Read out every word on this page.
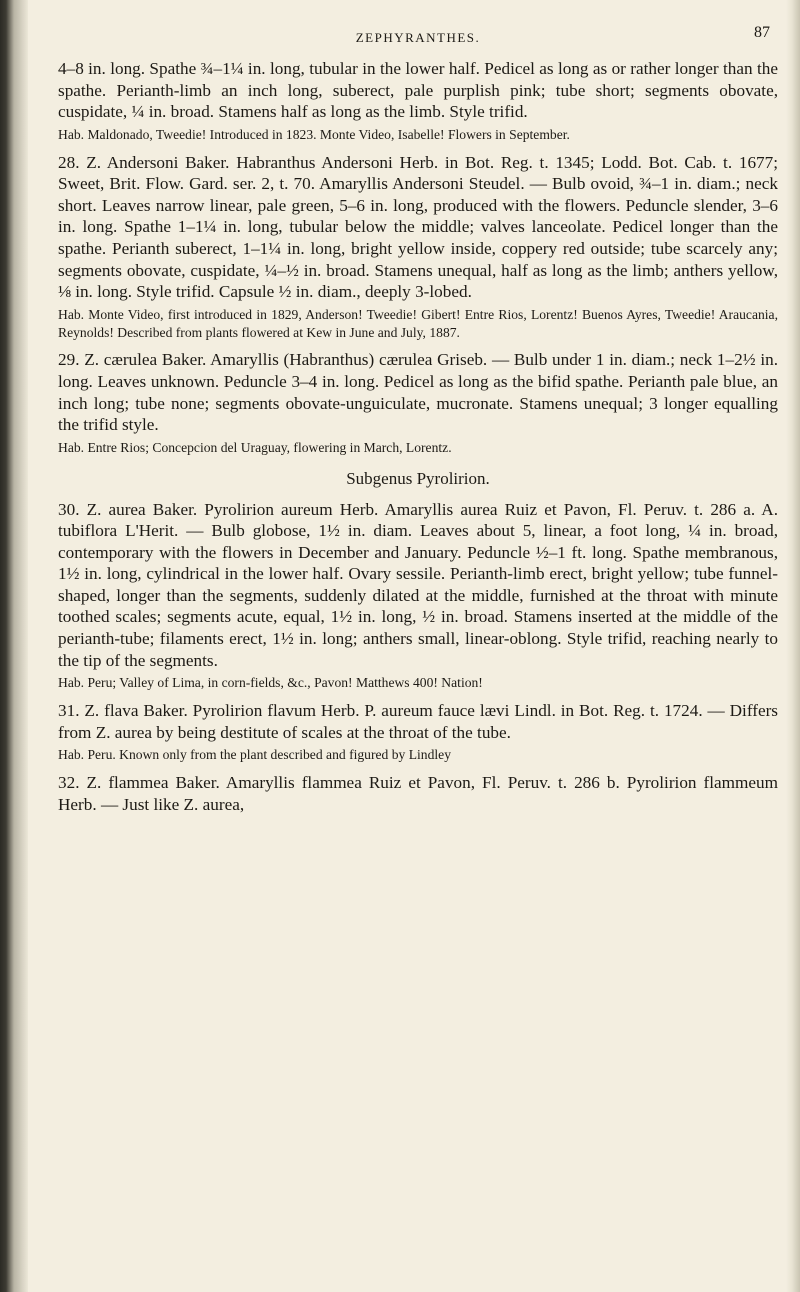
ZEPHYRANTHES.	87

4–8 in. long. Spathe ¾–1¼ in. long, tubular in the lower half. Pedicel as long as or rather longer than the spathe. Perianth-limb an inch long, suberect, pale purplish pink; tube short; segments obovate, cuspidate, ¼ in. broad. Stamens half as long as the limb. Style trifid.

Hab. Maldonado, Tweedie! Introduced in 1823. Monte Video, Isabelle! Flowers in September.

28. Z. Andersoni Baker. Habranthus Andersoni Herb. in Bot. Reg. t. 1345; Lodd. Bot. Cab. t. 1677; Sweet, Brit. Flow. Gard. ser. 2, t. 70. Amaryllis Andersoni Steudel. — Bulb ovoid, ¾–1 in. diam.; neck short. Leaves narrow linear, pale green, 5–6 in. long, produced with the flowers. Peduncle slender, 3–6 in. long. Spathe 1–1¼ in. long, tubular below the middle; valves lanceolate. Pedicel longer than the spathe. Perianth suberect, 1–1¼ in. long, bright yellow inside, coppery red outside; tube scarcely any; segments obovate, cuspidate, ¼–½ in. broad. Stamens unequal, half as long as the limb; anthers yellow, ⅛ in. long. Style trifid. Capsule ½ in. diam., deeply 3-lobed.

Hab. Monte Video, first introduced in 1829, Anderson! Tweedie! Gibert! Entre Rios, Lorentz! Buenos Ayres, Tweedie! Araucania, Reynolds! Described from plants flowered at Kew in June and July, 1887.

29. Z. cærulea Baker. Amaryllis (Habranthus) cærulea Griseb. — Bulb under 1 in. diam.; neck 1–2½ in. long. Leaves unknown. Peduncle 3–4 in. long. Pedicel as long as the bifid spathe. Perianth pale blue, an inch long; tube none; segments obovate-unguiculate, mucronate. Stamens unequal; 3 longer equalling the trifid style.

Hab. Entre Rios; Concepcion del Uraguay, flowering in March, Lorentz.

Subgenus Pyrolirion.

30. Z. aurea Baker. Pyrolirion aureum Herb. Amaryllis aurea Ruiz et Pavon, Fl. Peruv. t. 286 a. A. tubiflora L'Herit. — Bulb globose, 1½ in. diam. Leaves about 5, linear, a foot long, ¼ in. broad, contemporary with the flowers in December and January. Peduncle ½–1 ft. long. Spathe membranous, 1½ in. long, cylindrical in the lower half. Ovary sessile. Perianth-limb erect, bright yellow; tube funnel-shaped, longer than the segments, suddenly dilated at the middle, furnished at the throat with minute toothed scales; segments acute, equal, 1½ in. long, ½ in. broad. Stamens inserted at the middle of the perianth-tube; filaments erect, 1½ in. long; anthers small, linear-oblong. Style trifid, reaching nearly to the tip of the segments.

Hab. Peru; Valley of Lima, in corn-fields, &c., Pavon! Matthews 400! Nation!

31. Z. flava Baker. Pyrolirion flavum Herb. P. aureum fauce lævi Lindl. in Bot. Reg. t. 1724. — Differs from Z. aurea by being destitute of scales at the throat of the tube.

Hab. Peru. Known only from the plant described and figured by Lindley

32. Z. flammea Baker. Amaryllis flammea Ruiz et Pavon, Fl. Peruv. t. 286 b. Pyrolirion flammeum Herb. — Just like Z. aurea,
